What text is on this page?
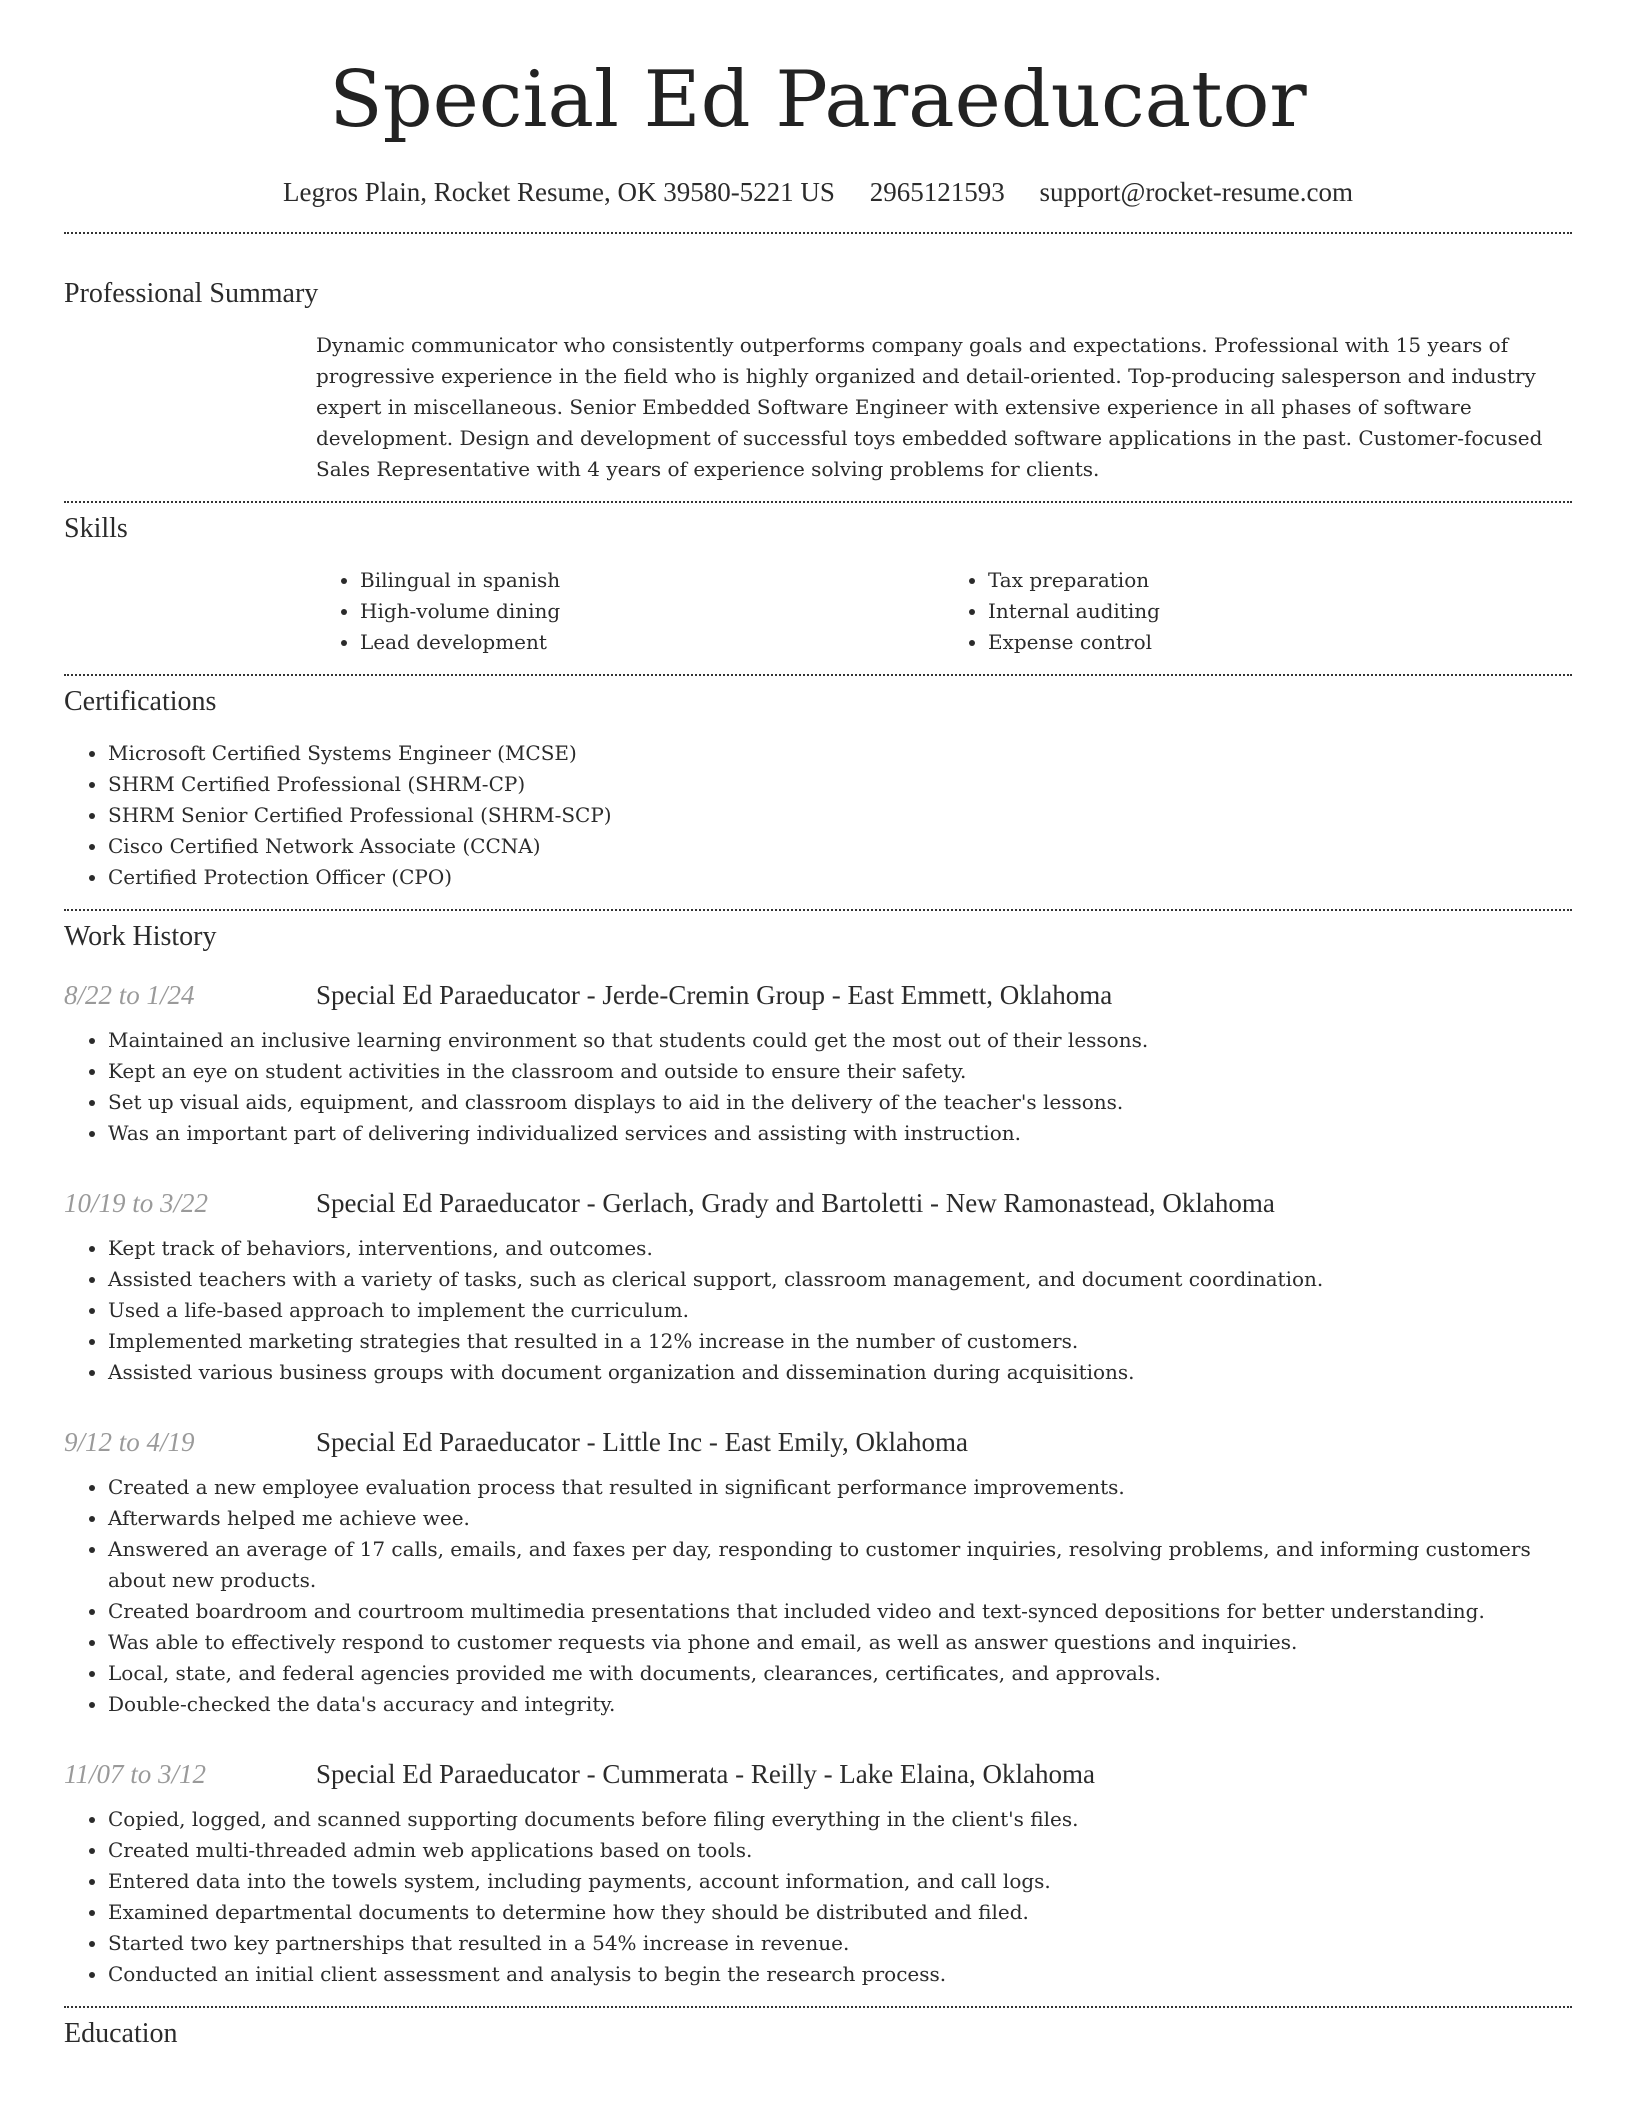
Special Ed Paraeducator
Legros Plain, Rocket Resume, OK 39580-5221 US 2965121593 support@rocket-resume.com
Professional Summary
Dynamic communicator who consistently outperforms company goals and expectations. Professional with 15 years of progressive experience in the field who is highly organized and detail-oriented. Top-producing salesperson and industry expert in miscellaneous. Senior Embedded Software Engineer with extensive experience in all phases of software development. Design and development of successful toys embedded software applications in the past. Customer-focused Sales Representative with 4 years of experience solving problems for clients.
Skills
• Bilingual in spanish
• High-volume dining
• Lead development
• Tax preparation
• Internal auditing
• Expense control
Certifications
• Microsoft Certified Systems Engineer (MCSE)
• SHRM Certified Professional (SHRM-CP)
• SHRM Senior Certified Professional (SHRM-SCP)
• Cisco Certified Network Associate (CCNA)
• Certified Protection Officer (CPO)
Work History
8/22 to 1/24	Special Ed Paraeducator - Jerde-Cremin Group - East Emmett, Oklahoma
• Maintained an inclusive learning environment so that students could get the most out of their lessons.
• Kept an eye on student activities in the classroom and outside to ensure their safety.
• Set up visual aids, equipment, and classroom displays to aid in the delivery of the teacher's lessons.
• Was an important part of delivering individualized services and assisting with instruction.
10/19 to 3/22	Special Ed Paraeducator - Gerlach, Grady and Bartoletti - New Ramonastead, Oklahoma
• Kept track of behaviors, interventions, and outcomes.
• Assisted teachers with a variety of tasks, such as clerical support, classroom management, and document coordination.
• Used a life-based approach to implement the curriculum.
• Implemented marketing strategies that resulted in a 12% increase in the number of customers.
• Assisted various business groups with document organization and dissemination during acquisitions.
9/12 to 4/19	Special Ed Paraeducator - Little Inc - East Emily, Oklahoma
• Created a new employee evaluation process that resulted in significant performance improvements.
• Afterwards helped me achieve wee.
• Answered an average of 17 calls, emails, and faxes per day, responding to customer inquiries, resolving problems, and informing customers about new products.
• Created boardroom and courtroom multimedia presentations that included video and text-synced depositions for better understanding.
• Was able to effectively respond to customer requests via phone and email, as well as answer questions and inquiries.
• Local, state, and federal agencies provided me with documents, clearances, certificates, and approvals.
• Double-checked the data's accuracy and integrity.
11/07 to 3/12	Special Ed Paraeducator - Cummerata - Reilly - Lake Elaina, Oklahoma
• Copied, logged, and scanned supporting documents before filing everything in the client's files.
• Created multi-threaded admin web applications based on tools.
• Entered data into the towels system, including payments, account information, and call logs.
• Examined departmental documents to determine how they should be distributed and filed.
• Started two key partnerships that resulted in a 54% increase in revenue.
• Conducted an initial client assessment and analysis to begin the research process.
Education
